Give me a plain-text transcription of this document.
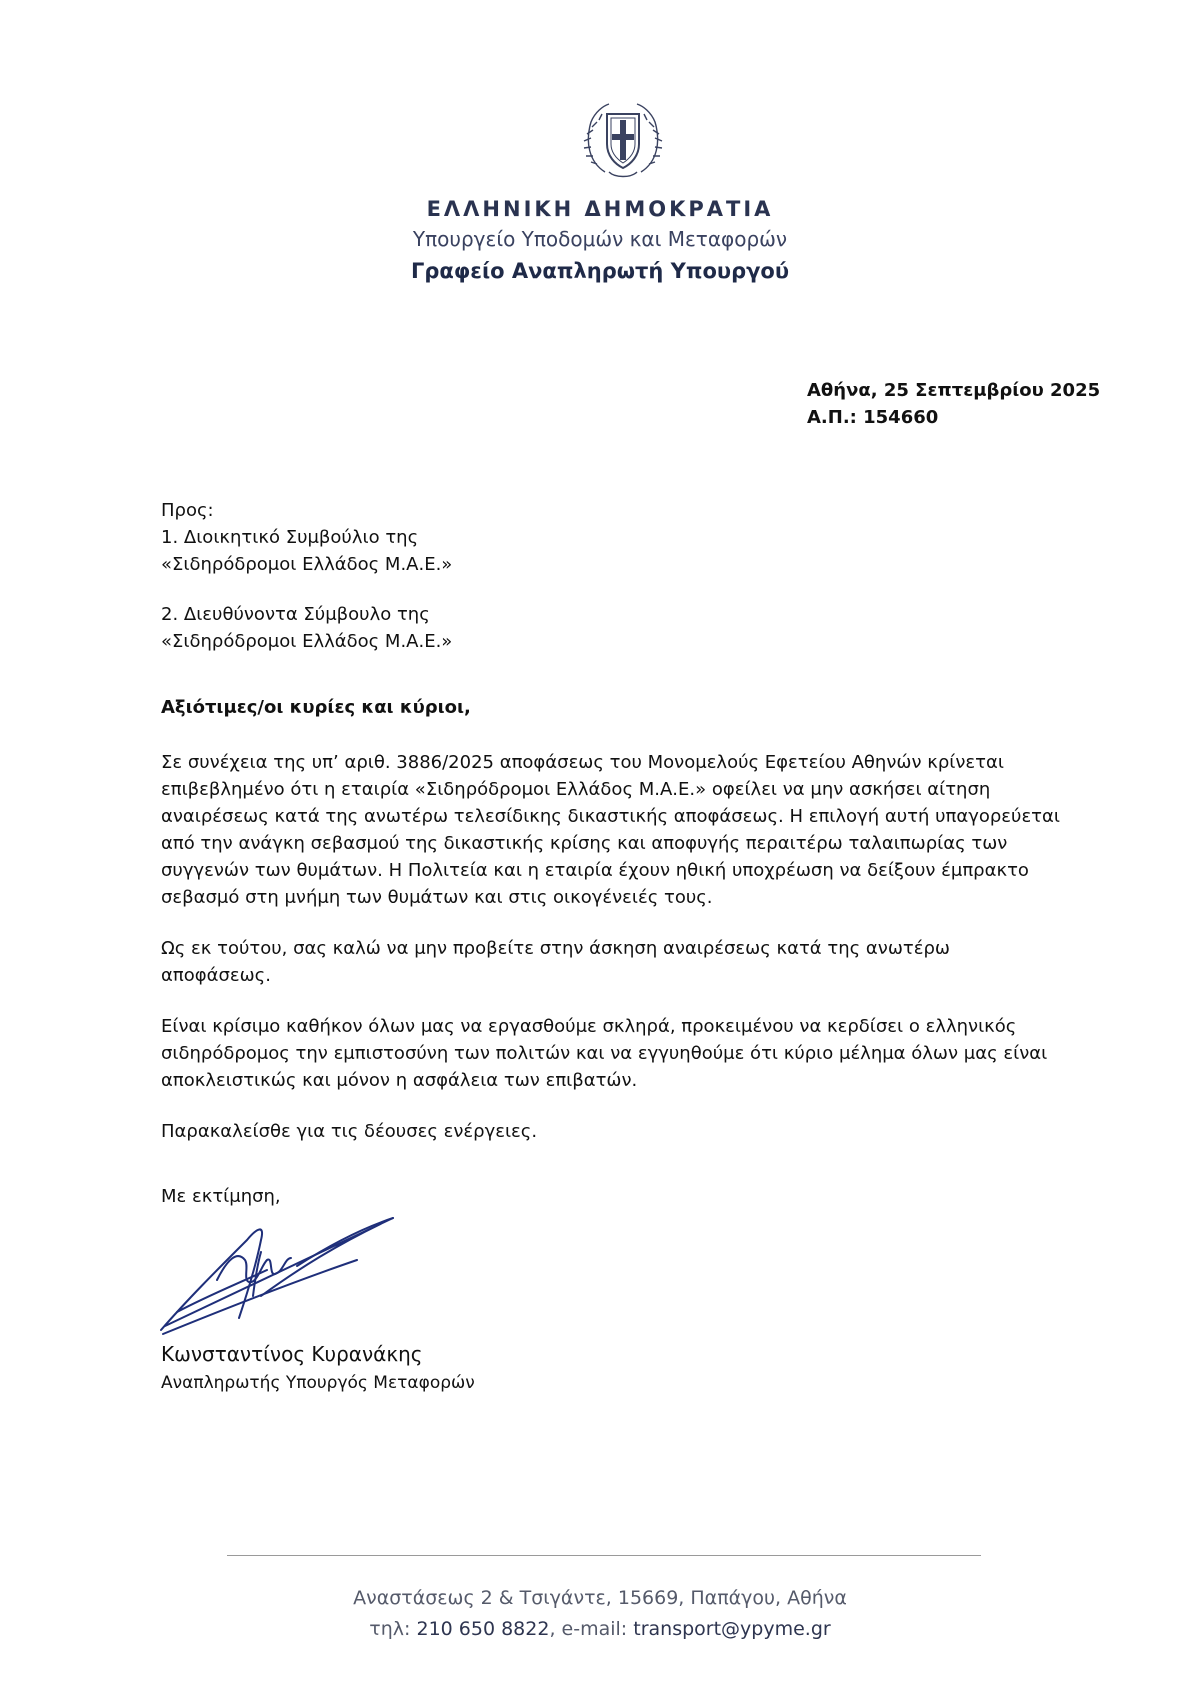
ΕΛΛΗΝΙΚΗ ΔΗΜΟΚΡΑΤΙΑ
Υπουργείο Υποδομών και Μεταφορών
Γραφείο Αναπληρωτή Υπουργού
Αθήνα, 25 Σεπτεμβρίου 2025
Α.Π.: 154660
Προς:
1. Διοικητικό Συμβούλιο της
«Σιδηρόδρομοι Ελλάδος Μ.Α.Ε.»
2. Διευθύνοντα Σύμβουλο της
«Σιδηρόδρομοι Ελλάδος Μ.Α.Ε.»
Αξιότιμες/οι κυρίες και κύριοι,

Σε συνέχεια της υπ’ αριθ. 3886/2025 αποφάσεως του Μονομελούς Εφετείου Αθηνών κρίνεται επιβεβλημένο ότι η εταιρία «Σιδηρόδρομοι Ελλάδος Μ.Α.Ε.» οφείλει να μην ασκήσει αίτηση αναιρέσεως κατά της ανωτέρω τελεσίδικης δικαστικής αποφάσεως. Η επιλογή αυτή υπαγορεύεται από την ανάγκη σεβασμού της δικαστικής κρίσης και αποφυγής περαιτέρω ταλαιπωρίας των συγγενών των θυμάτων. Η Πολιτεία και η εταιρία έχουν ηθική υποχρέωση να δείξουν έμπρακτο σεβασμό στη μνήμη των θυμάτων και στις οικογένειές τους.

Ως εκ τούτου, σας καλώ να μην προβείτε στην άσκηση αναιρέσεως κατά της ανωτέρω αποφάσεως.

Είναι κρίσιμο καθήκον όλων μας να εργασθούμε σκληρά, προκειμένου να κερδίσει ο ελληνικός σιδηρόδρομος την εμπιστοσύνη των πολιτών και να εγγυηθούμε ότι κύριο μέλημα όλων μας είναι αποκλειστικώς και μόνον η ασφάλεια των επιβατών.

Παρακαλείσθε για τις δέουσες ενέργειες.

Με εκτίμηση,
Κωνσταντίνος Κυρανάκης
Αναπληρωτής Υπουργός Μεταφορών
Αναστάσεως 2 & Τσιγάντε, 15669, Παπάγου, Αθήνα
τηλ: 210 650 8822, e-mail: transport@ypyme.gr
